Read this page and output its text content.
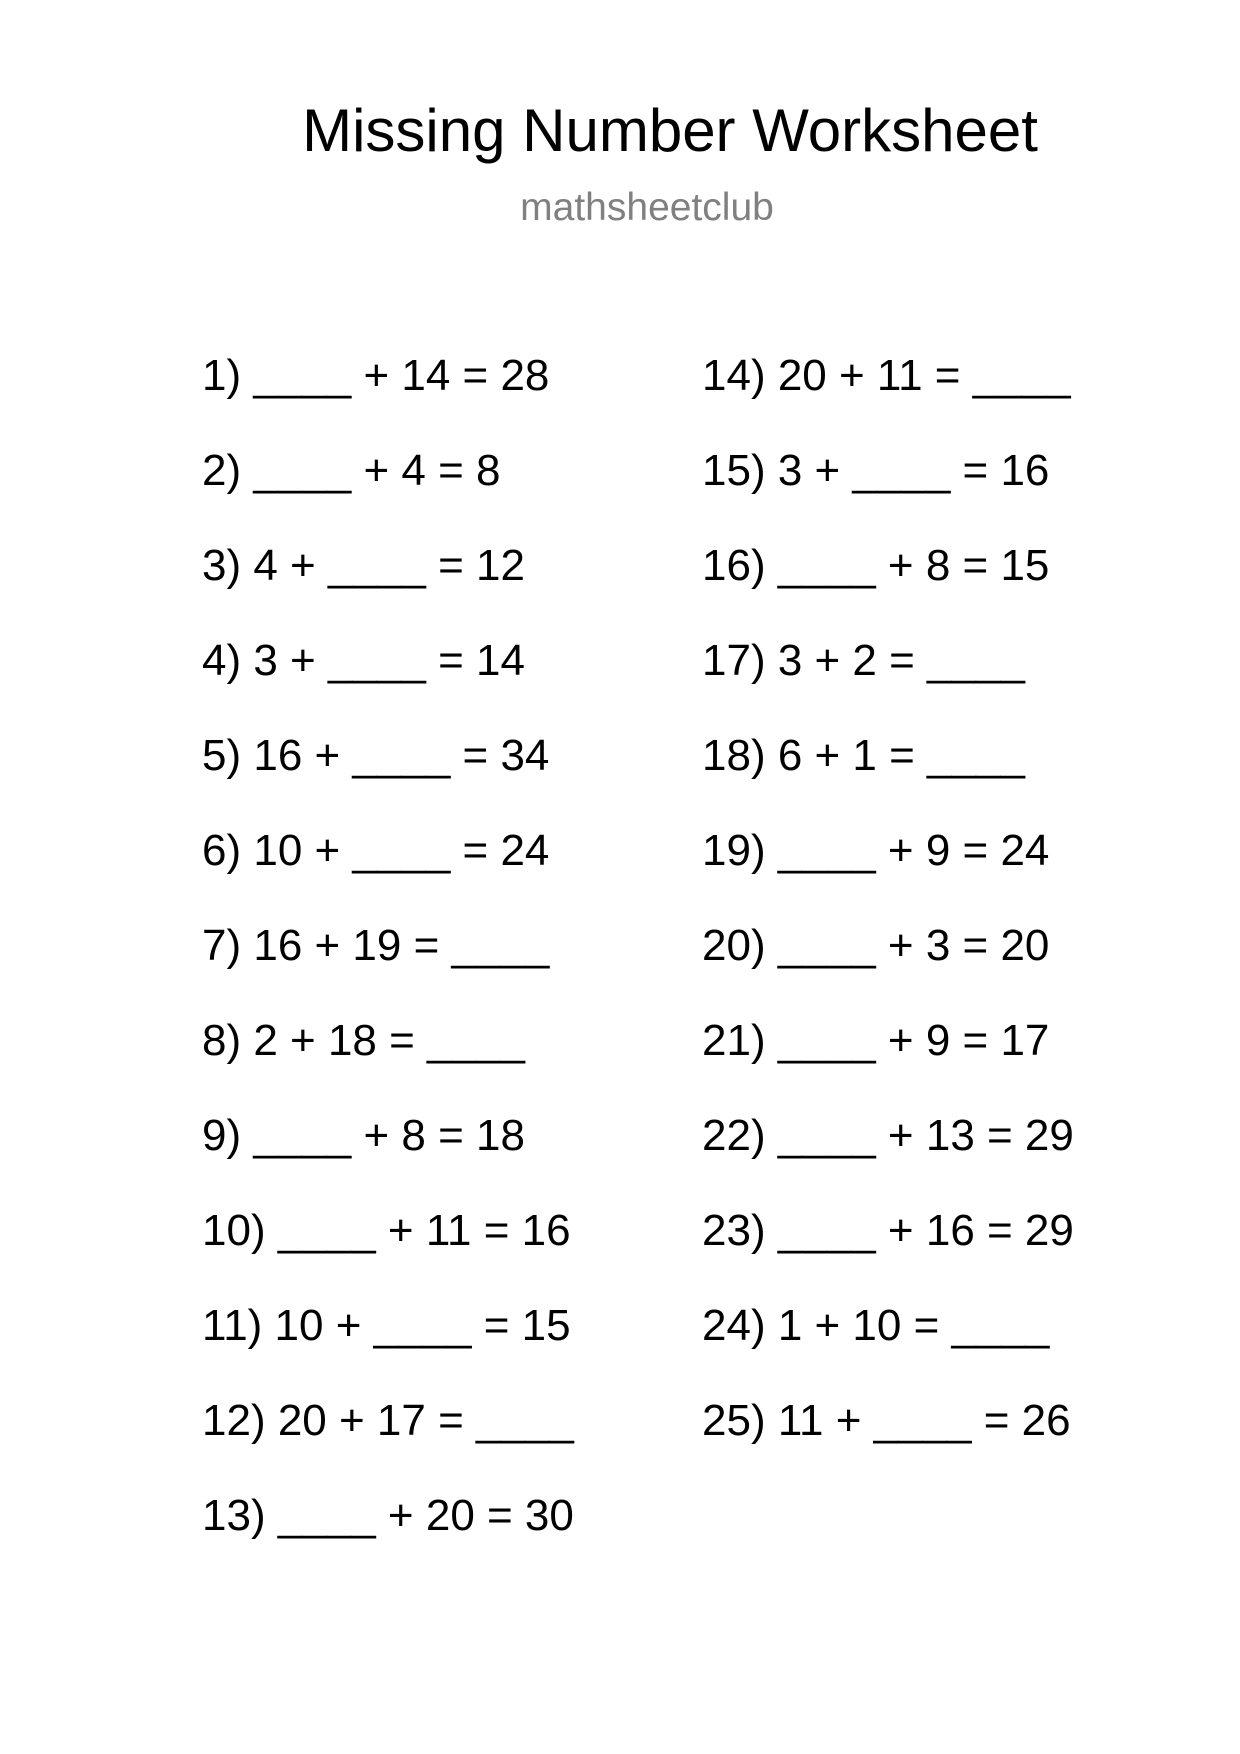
Missing Number Worksheet
mathsheetclub
1) ____ + 14 = 28
2) ____ + 4 = 8
3) 4 + ____ = 12
4) 3 + ____ = 14
5) 16 + ____ = 34
6) 10 + ____ = 24
7) 16 + 19 = ____
8) 2 + 18 = ____
9) ____ + 8 = 18
10) ____ + 11 = 16
11) 10 + ____ = 15
12) 20 + 17 = ____
13) ____ + 20 = 30
14) 20 + 11 = ____
15) 3 + ____ = 16
16) ____ + 8 = 15
17) 3 + 2 = ____
18) 6 + 1 = ____
19) ____ + 9 = 24
20) ____ + 3 = 20
21) ____ + 9 = 17
22) ____ + 13 = 29
23) ____ + 16 = 29
24) 1 + 10 = ____
25) 11 + ____ = 26
